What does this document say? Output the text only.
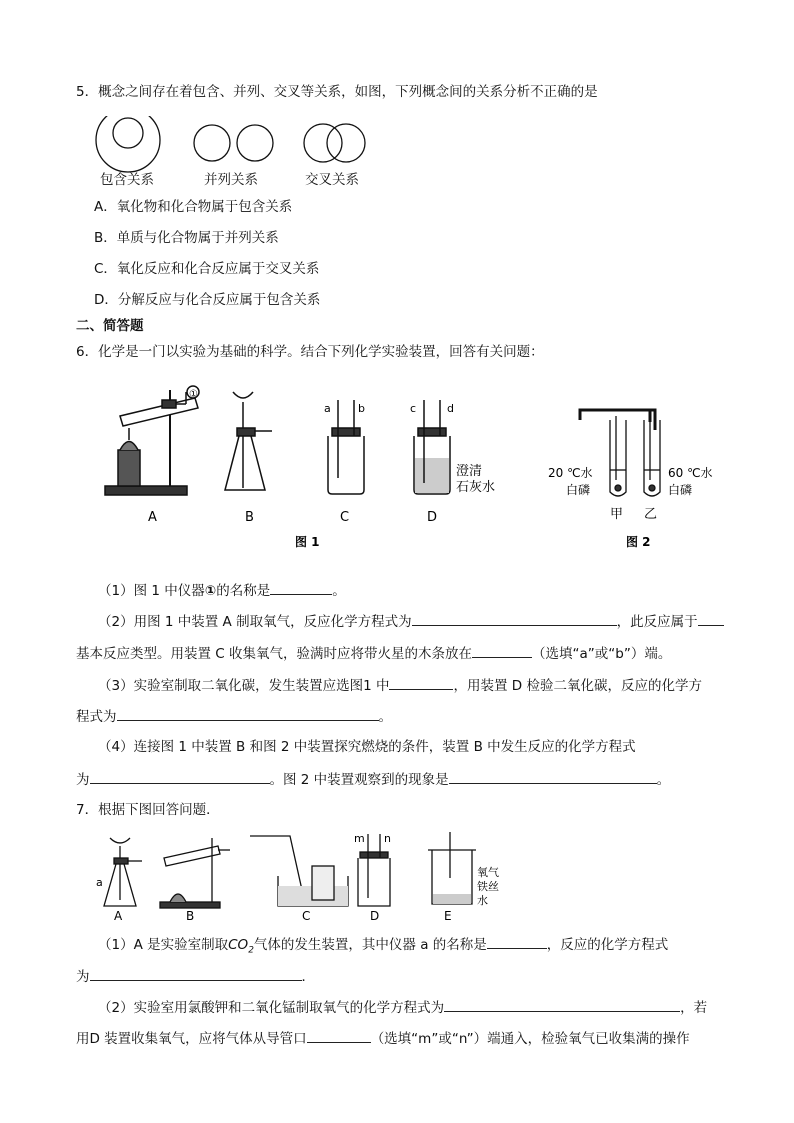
5．概念之间存在着包含、并列、交叉等关系，如图，下列概念间的关系分析不正确的是
包含关系	并列关系	交叉关系
A．氧化物和化合物属于包含关系
B．单质与化合物属于并列关系
C．氧化反应和化合反应属于交叉关系
D．分解反应与化合反应属于包含关系
二、简答题
6．化学是一门以实验为基础的科学。结合下列化学实验装置，回答有关问题：
①
a b	c	d
澄清
石灰水
A	B	C	D
图 1
20 ℃水
白磷
60 ℃水
白磷
甲 乙
图 2
（1）图 1 中仪器①的名称是	。
（2）用图 1 中装置 A 制取氧气，反应化学方程式为	，此反应属于
基本反应类型。用装置 C 收集氧气，验满时应将带火星的木条放在	（选填“a”或“b”）端。
（3）实验室制取二氧化碳，发生装置应选图1 中	，用装置 D 检验二氧化碳，反应的化学方
程式为	。
（4）连接图 1 中装置 B 和图 2 中装置探究燃烧的条件，装置 B 中发生反应的化学方程式
为	。图 2 中装置观察到的现象是	。
7．根据下图回答问题．
a
m n
氧气
铁丝
水
A	B	C	D	E
（1）A 是实验室制取$CO_2$气体的发生装置，其中仪器 a 的名称是	，反应的化学方程式
为	．
（2）实验室用氯酸钾和二氧化锰制取氧气的化学方程式为	，若
用D 装置收集氧气，应将气体从导管口	（选填“m”或“n”）端通入，检验氧气已收集满的操作
